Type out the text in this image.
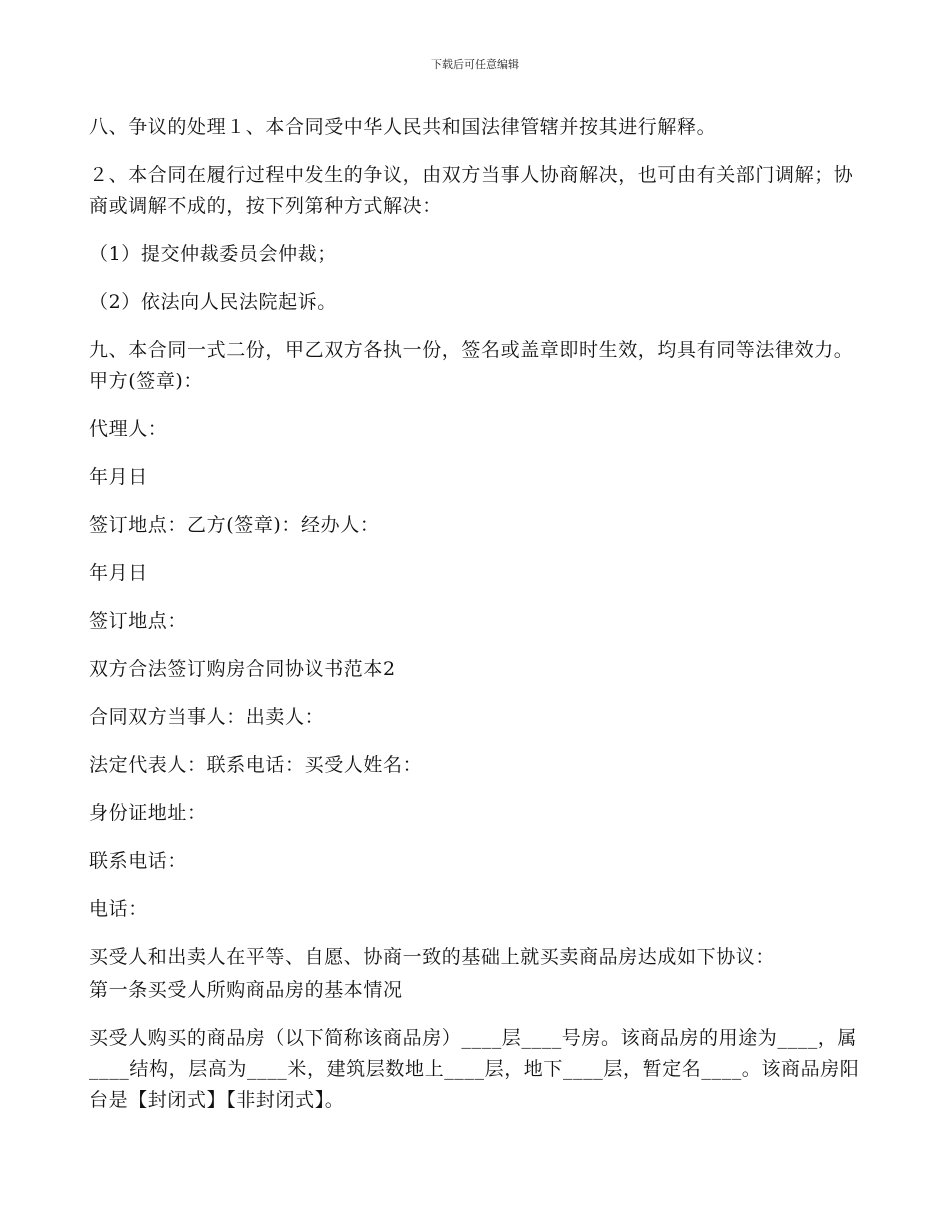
下载后可任意编辑

八、争议的处理１、本合同受中华人民共和国法律管辖并按其进行解释。

２、本合同在履行过程中发生的争议，由双方当事人协商解决，也可由有关部门调解；协商或调解不成的，按下列第种方式解决：

（1）提交仲裁委员会仲裁；

（2）依法向人民法院起诉。

九、本合同一式二份，甲乙双方各执一份，签名或盖章即时生效，均具有同等法律效力。甲方(签章)：

代理人：

年月日

签订地点：乙方(签章)：经办人：

年月日

签订地点：

双方合法签订购房合同协议书范本2

合同双方当事人：出卖人：

法定代表人：联系电话：买受人姓名：

身份证地址：

联系电话：

电话：

买受人和出卖人在平等、自愿、协商一致的基础上就买卖商品房达成如下协议：

第一条买受人所购商品房的基本情况

买受人购买的商品房（以下简称该商品房）____层____号房。该商品房的用途为____，属____结构，层高为____米，建筑层数地上____层，地下____层，暂定名____。该商品房阳台是【封闭式】【非封闭式】。
